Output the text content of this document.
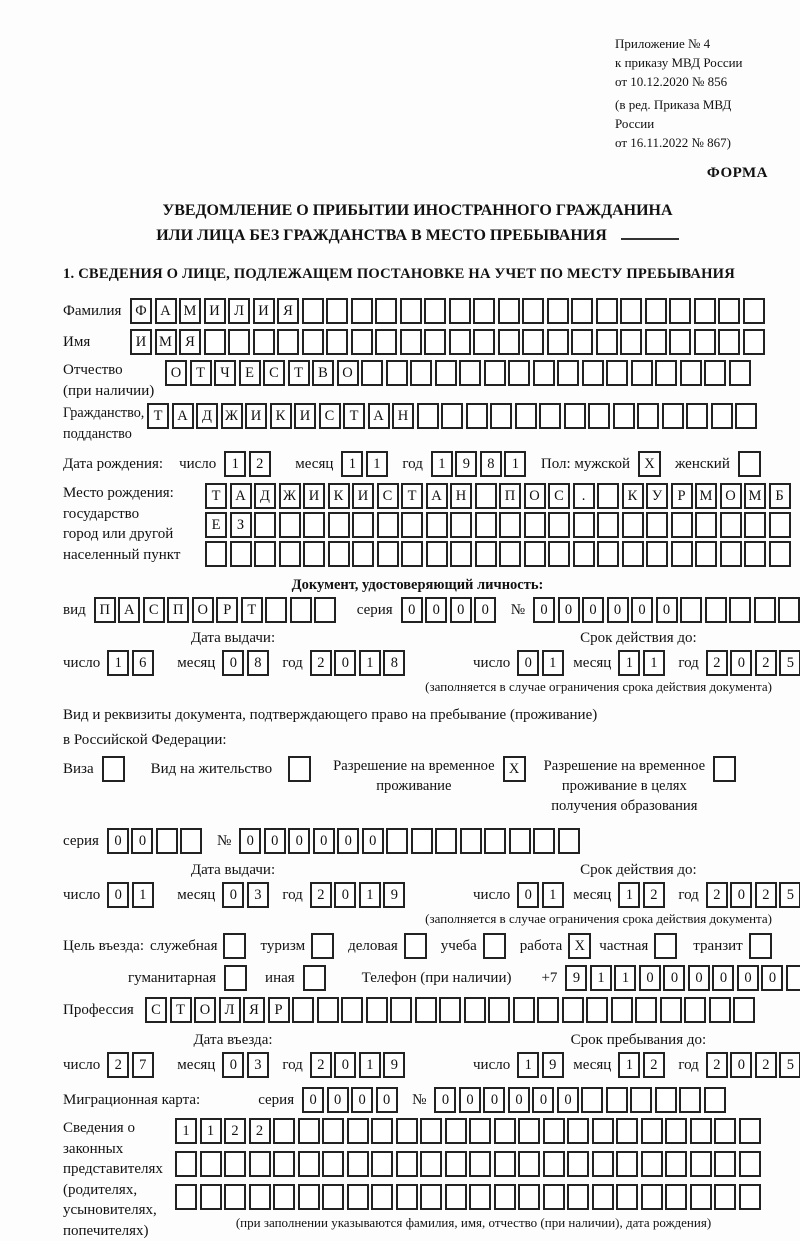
Приложение № 4
к приказу МВД России
от 10.12.2020 № 856
(в ред. Приказа МВД России
от 16.11.2022 № 867)
ФОРМА
УВЕДОМЛЕНИЕ О ПРИБЫТИИ ИНОСТРАННОГО ГРАЖДАНИНА
ИЛИ ЛИЦА БЕЗ ГРАЖДАНСТВА В МЕСТО ПРЕБЫВАНИЯ
1. СВЕДЕНИЯ О ЛИЦЕ, ПОДЛЕЖАЩЕМ ПОСТАНОВКЕ НА УЧЕТ ПО МЕСТУ ПРЕБЫВАНИЯ
Фамилия Ф А М И Л И Я
Имя	И М Я
Отчество
(при наличии)
О	Т	Ч	Е	С	Т	В О
Гражданство,
подданство
Т	А Д Ж И К И С	Т	А Н
Дата рождения: число	1	2	месяц	1	1	год	1	9	8	1	Пол: мужской X	женский
Место рождения:
государство
город или другой
населенный пункт
Т	А Д Ж И К И С	Т	А Н	П О С	.	К	У	Р М О М Б

Е	З

Документ, удостоверяющий личность:
вид П А С П О	Р	Т	серия	0	0	0	0	№	0	0	0	0	0	0
Дата выдачи:
число 1	6	месяц 0	8	год 2	0	1	8
Срок действия до:
число 0	1	месяц 1	1	год 2	0	2	5
(заполняется в случае ограничения срока действия документа)
Вид и реквизиты документа, подтверждающего право на пребывание (проживание)
в Российской Федерации:
Виза	Вид на жительство	Разрешение на временное
проживание
X	Разрешение на временное
проживание в целях
получения образования
серия	0	0	№	0	0	0	0	0	0
Дата выдачи:
число 0	1	месяц 0	3	год 2	0	1	9
Срок действия до:
число 0	1	месяц 1	2	год 2	0	2	5
(заполняется в случае ограничения срока действия документа)
Цель въезда: служебная	туризм	деловая	учеба	работа X частная	транзит
гуманитарная	иная	Телефон (при наличии) +7	9	1	1	0	0	0	0	0	0
Профессия	С	Т	О Л	Я	Р
Дата въезда:
число 2	7	месяц 0	3	год 2	0	1	9
Срок пребывания до:
число 1	9	месяц 1	2	год 2	0	2	5
Миграционная карта:	серия	0	0	0	0	№	0	0	0	0	0	0
Сведения о
законных
представителях
(родителях,
усыновителях,
попечителях)
1	1	2	2

(при заполнении указываются фамилия, имя, отчество (при наличии), дата рождения)
